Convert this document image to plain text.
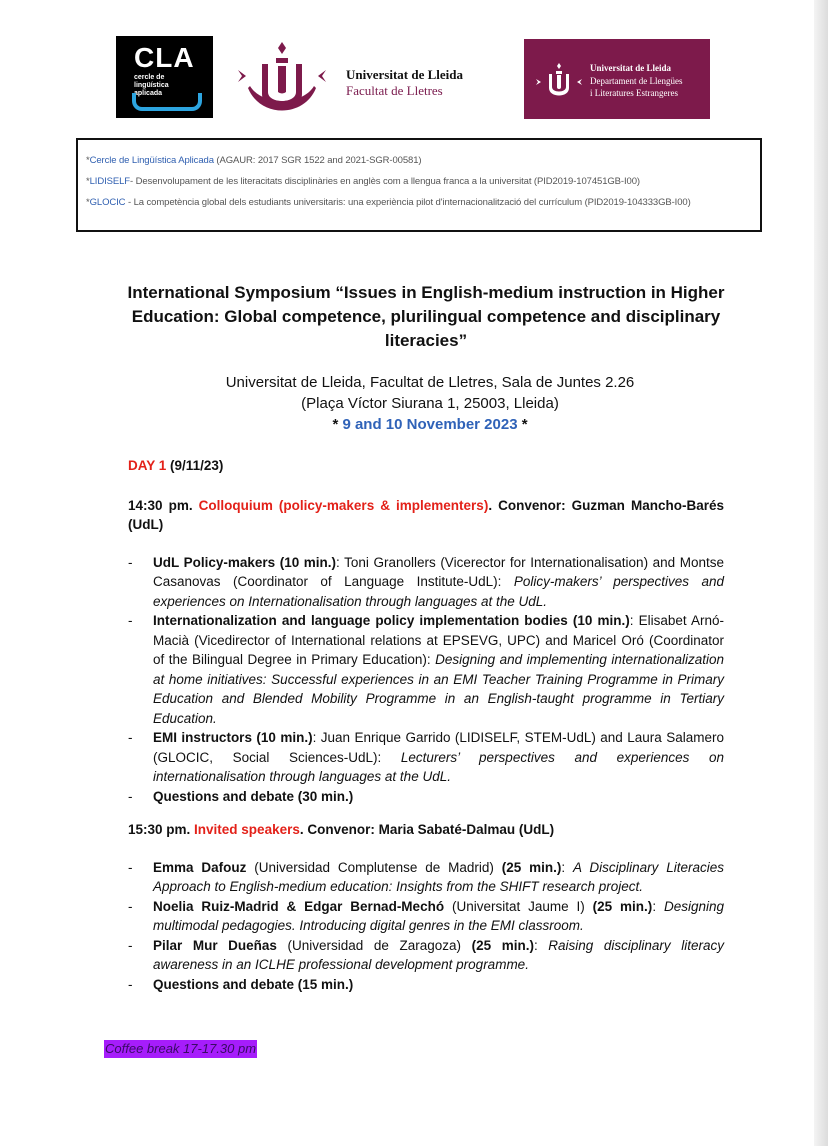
CLA
cercle de lingüística aplicada
Universitat de Lleida
Facultat de Lletres
Universitat de Lleida
Departament de Llengües
i Literatures Estrangeres
*Cercle de Lingüística Aplicada (AGAUR: 2017 SGR 1522 and 2021-SGR-00581)
*LIDISELF- Desenvolupament de les literacitats disciplinàries en anglès com a llengua franca a la universitat (PID2019-107451GB-I00)
*GLOCIC - La competència global dels estudiants universitaris: una experiència pilot d'internacionalització del currículum (PID2019-104333GB-I00)
International Symposium “Issues in English-medium instruction in Higher Education: Global competence, plurilingual competence and disciplinary literacies”
Universitat de Lleida, Facultat de Lletres, Sala de Juntes 2.26
(Plaça Víctor Siurana 1, 25003, Lleida)
* 9 and 10 November 2023 *
DAY 1 (9/11/23)
14:30 pm. Colloquium (policy-makers & implementers). Convenor: Guzman Mancho-Barés (UdL)
- UdL Policy-makers (10 min.): Toni Granollers (Vicerector for Internationalisation) and Montse Casanovas (Coordinator of Language Institute-UdL): Policy-makers’ perspectives and experiences on Internationalisation through languages at the UdL.
- Internationalization and language policy implementation bodies (10 min.): Elisabet Arnó-Macià (Vicedirector of International relations at EPSEVG, UPC) and Maricel Oró (Coordinator of the Bilingual Degree in Primary Education): Designing and implementing internationalization at home initiatives: Successful experiences in an EMI Teacher Training Programme in Primary Education and Blended Mobility Programme in an English-taught programme in Tertiary Education.
- EMI instructors (10 min.): Juan Enrique Garrido (LIDISELF, STEM-UdL) and Laura Salamero (GLOCIC, Social Sciences-UdL): Lecturers’ perspectives and experiences on internationalisation through languages at the UdL.
- Questions and debate (30 min.)
15:30 pm. Invited speakers. Convenor: Maria Sabaté-Dalmau (UdL)
- Emma Dafouz (Universidad Complutense de Madrid) (25 min.): A Disciplinary Literacies Approach to English-medium education: Insights from the SHIFT research project.
- Noelia Ruiz-Madrid & Edgar Bernad-Mechó (Universitat Jaume I) (25 min.): Designing multimodal pedagogies. Introducing digital genres in the EMI classroom.
- Pilar Mur Dueñas (Universidad de Zaragoza) (25 min.): Raising disciplinary literacy awareness in an ICLHE professional development programme.
- Questions and debate (15 min.)
Coffee break 17-17.30 pm
